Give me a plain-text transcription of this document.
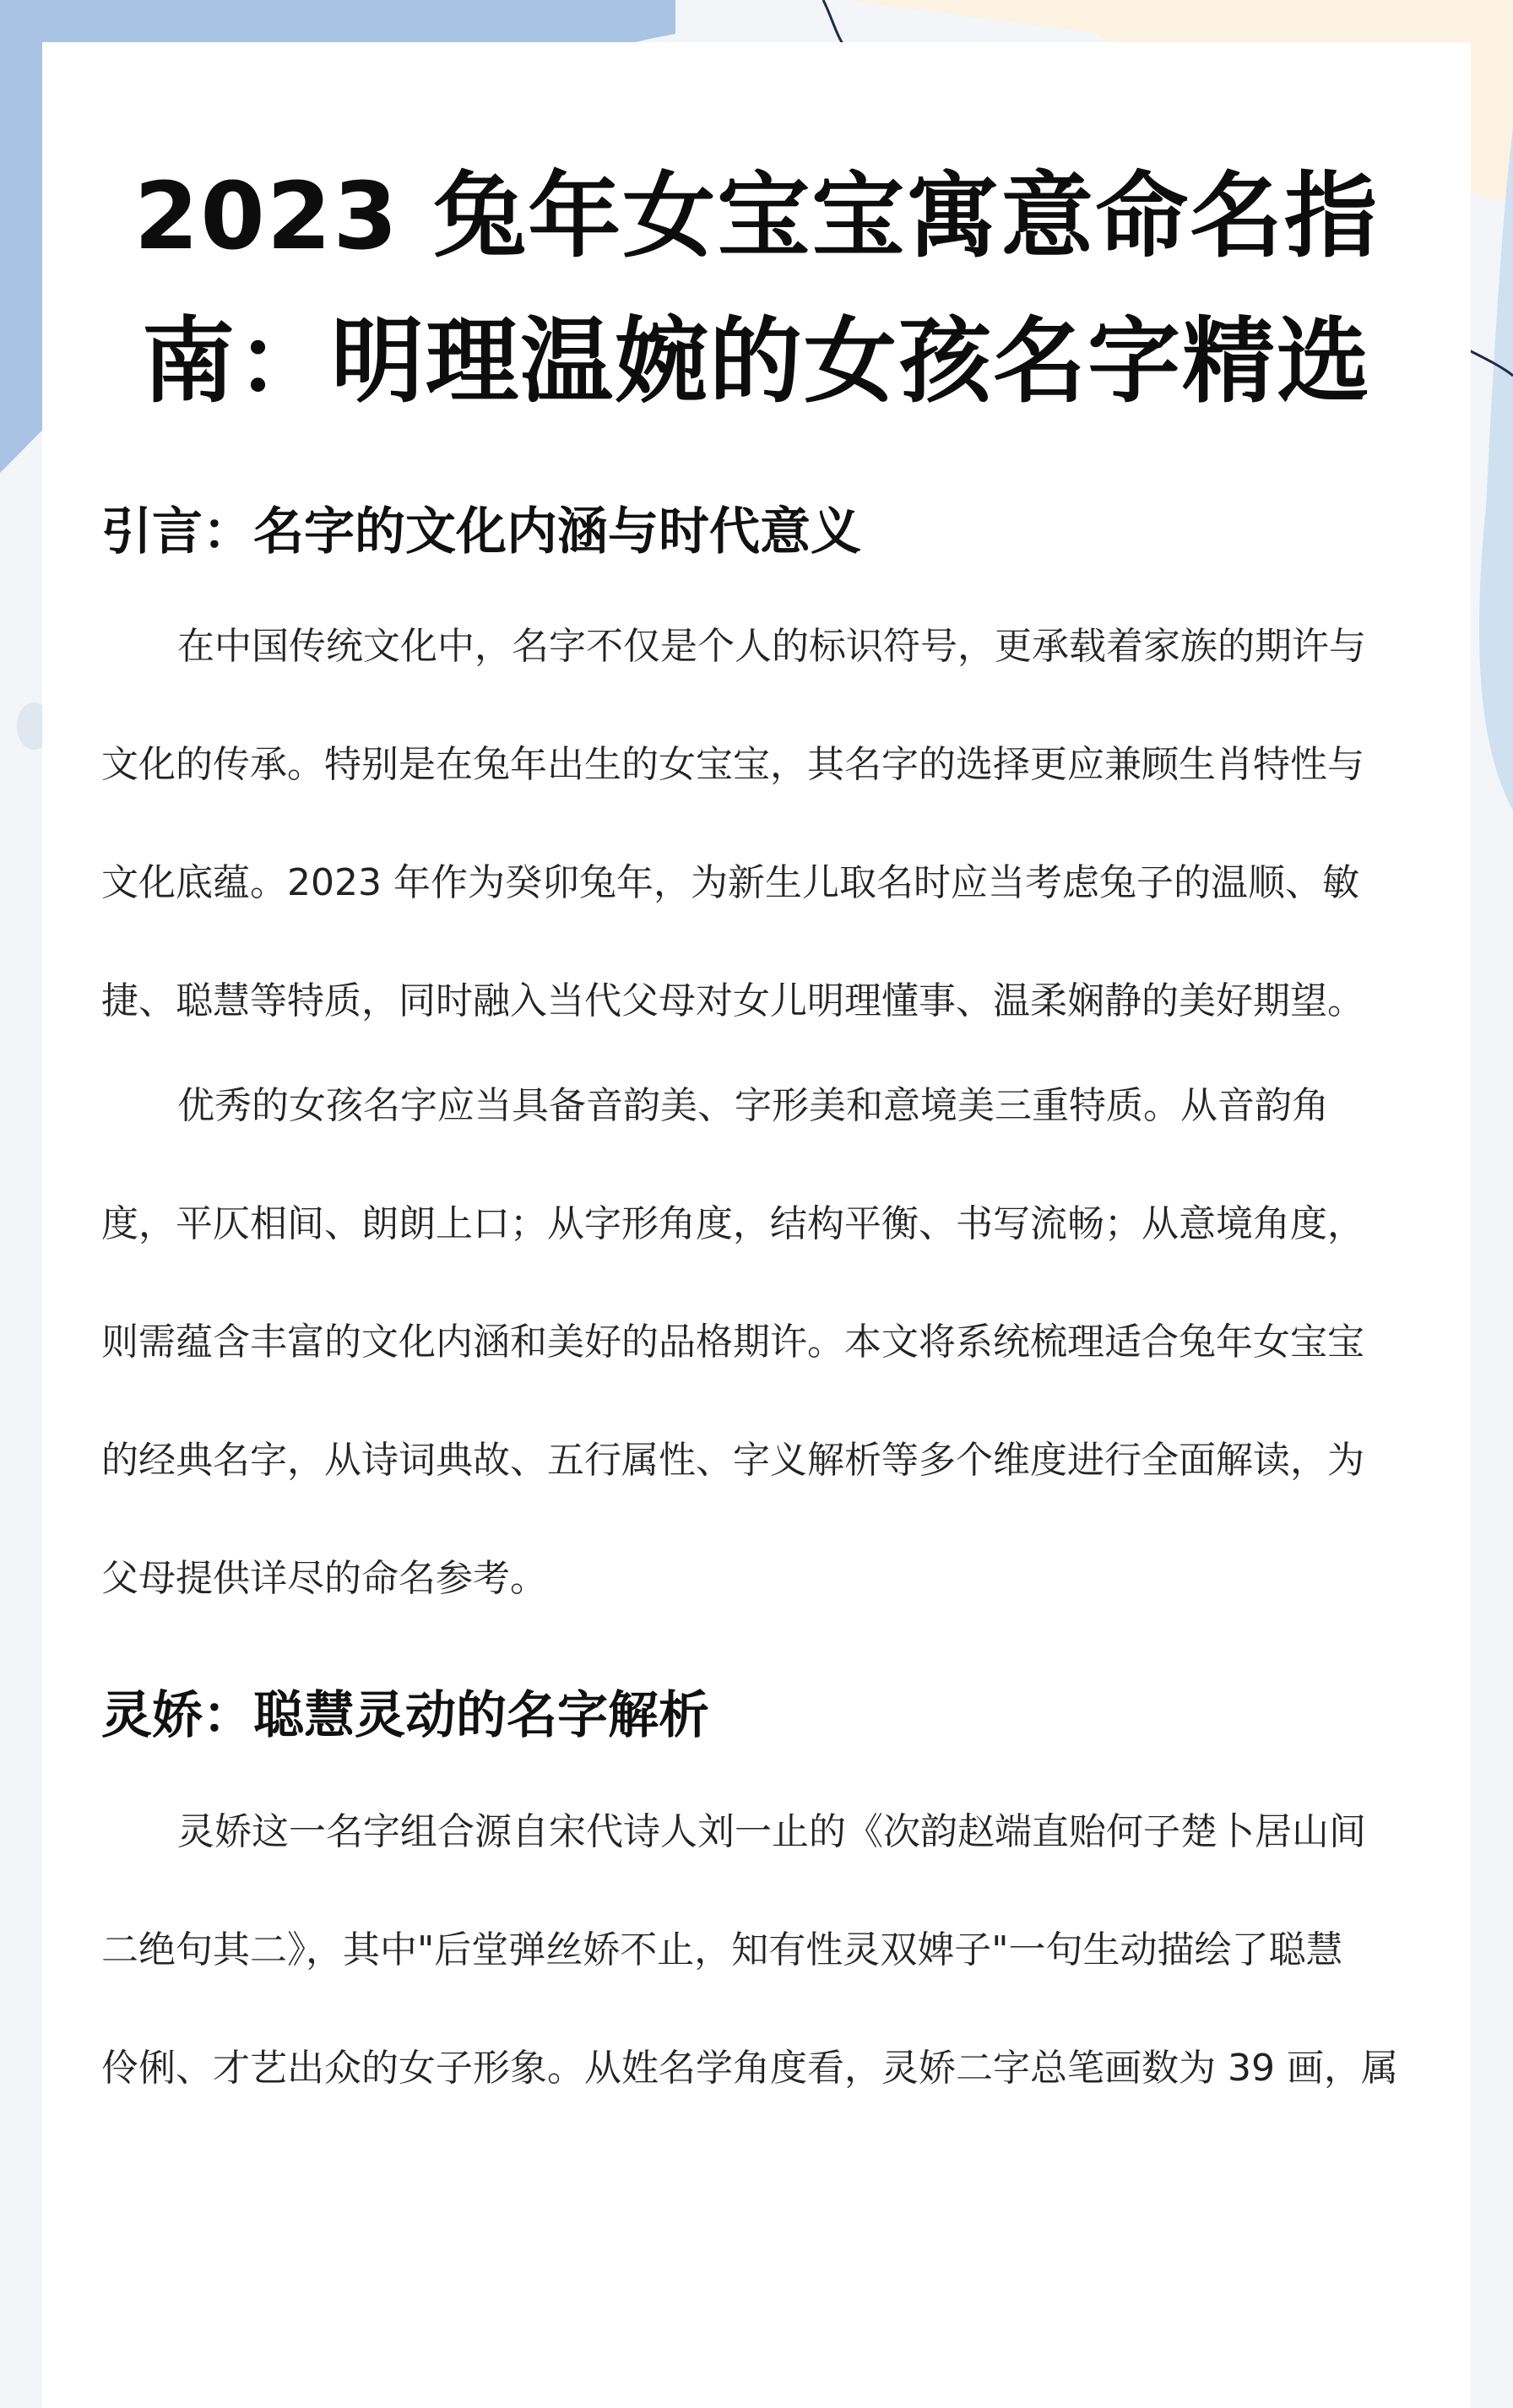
2023 兔年女宝宝寓意命名指
南：明理温婉的女孩名字精选
引言：名字的文化内涵与时代意义
在中国传统文化中，名字不仅是个人的标识符号，更承载着家族的期许与
文化的传承。特别是在兔年出生的女宝宝，其名字的选择更应兼顾生肖特性与
文化底蕴。2023 年作为癸卯兔年，为新生儿取名时应当考虑兔子的温顺、敏
捷、聪慧等特质，同时融入当代父母对女儿明理懂事、温柔娴静的美好期望。
优秀的女孩名字应当具备音韵美、字形美和意境美三重特质。从音韵角
度，平仄相间、朗朗上口；从字形角度，结构平衡、书写流畅；从意境角度，
则需蕴含丰富的文化内涵和美好的品格期许。本文将系统梳理适合兔年女宝宝
的经典名字，从诗词典故、五行属性、字义解析等多个维度进行全面解读，为
父母提供详尽的命名参考。
灵娇：聪慧灵动的名字解析
灵娇这一名字组合源自宋代诗人刘一止的《次韵赵端直贻何子楚卜居山间
二绝句其二》，其中"后堂弹丝娇不止，知有性灵双婢子"一句生动描绘了聪慧
伶俐、才艺出众的女子形象。从姓名学角度看，灵娇二字总笔画数为 39 画，属
